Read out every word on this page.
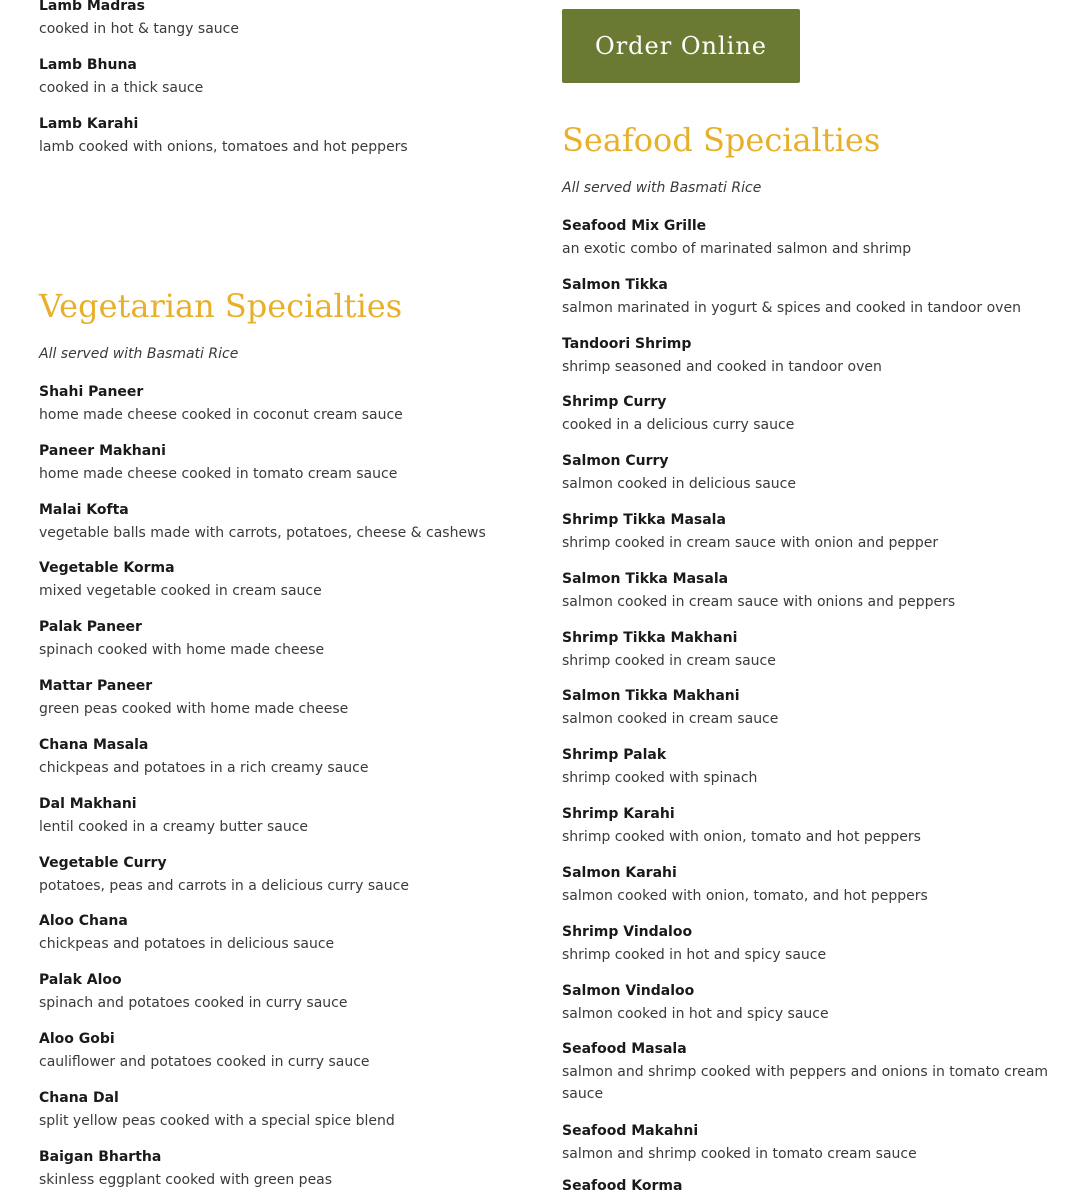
Lamb Madras
cooked in hot & tangy sauce
Lamb Bhuna
cooked in a thick sauce
Lamb Karahi
lamb cooked with onions, tomatoes and hot peppers
Vegetarian Specialties
All served with Basmati Rice
Shahi Paneer
home made cheese cooked in coconut cream sauce
Paneer Makhani
home made cheese cooked in tomato cream sauce
Malai Kofta
vegetable balls made with carrots, potatoes, cheese & cashews
Vegetable Korma
mixed vegetable cooked in cream sauce
Palak Paneer
spinach cooked with home made cheese
Mattar Paneer
green peas cooked with home made cheese
Chana Masala
chickpeas and potatoes in a rich creamy sauce
Dal Makhani
lentil cooked in a creamy butter sauce
Vegetable Curry
potatoes, peas and carrots in a delicious curry sauce
Aloo Chana
chickpeas and potatoes in delicious sauce
Palak Aloo
spinach and potatoes cooked in curry sauce
Aloo Gobi
cauliflower and potatoes cooked in curry sauce
Chana Dal
split yellow peas cooked with a special spice blend
Baigan Bhartha
skinless eggplant cooked with green peas
Order Online
Seafood Specialties
All served with Basmati Rice
Seafood Mix Grille
an exotic combo of marinated salmon and shrimp
Salmon Tikka
salmon marinated in yogurt & spices and cooked in tandoor oven
Tandoori Shrimp
shrimp seasoned and cooked in tandoor oven
Shrimp Curry
cooked in a delicious curry sauce
Salmon Curry
salmon cooked in delicious sauce
Shrimp Tikka Masala
shrimp cooked in cream sauce with onion and pepper
Salmon Tikka Masala
salmon cooked in cream sauce with onions and peppers
Shrimp Tikka Makhani
shrimp cooked in cream sauce
Salmon Tikka Makhani
salmon cooked in cream sauce
Shrimp Palak
shrimp cooked with spinach
Shrimp Karahi
shrimp cooked with onion, tomato and hot peppers
Salmon Karahi
salmon cooked with onion, tomato, and hot peppers
Shrimp Vindaloo
shrimp cooked in hot and spicy sauce
Salmon Vindaloo
salmon cooked in hot and spicy sauce
Seafood Masala
salmon and shrimp cooked with peppers and onions in tomato cream sauce
Seafood Makahni
salmon and shrimp cooked in tomato cream sauce
Seafood Korma
